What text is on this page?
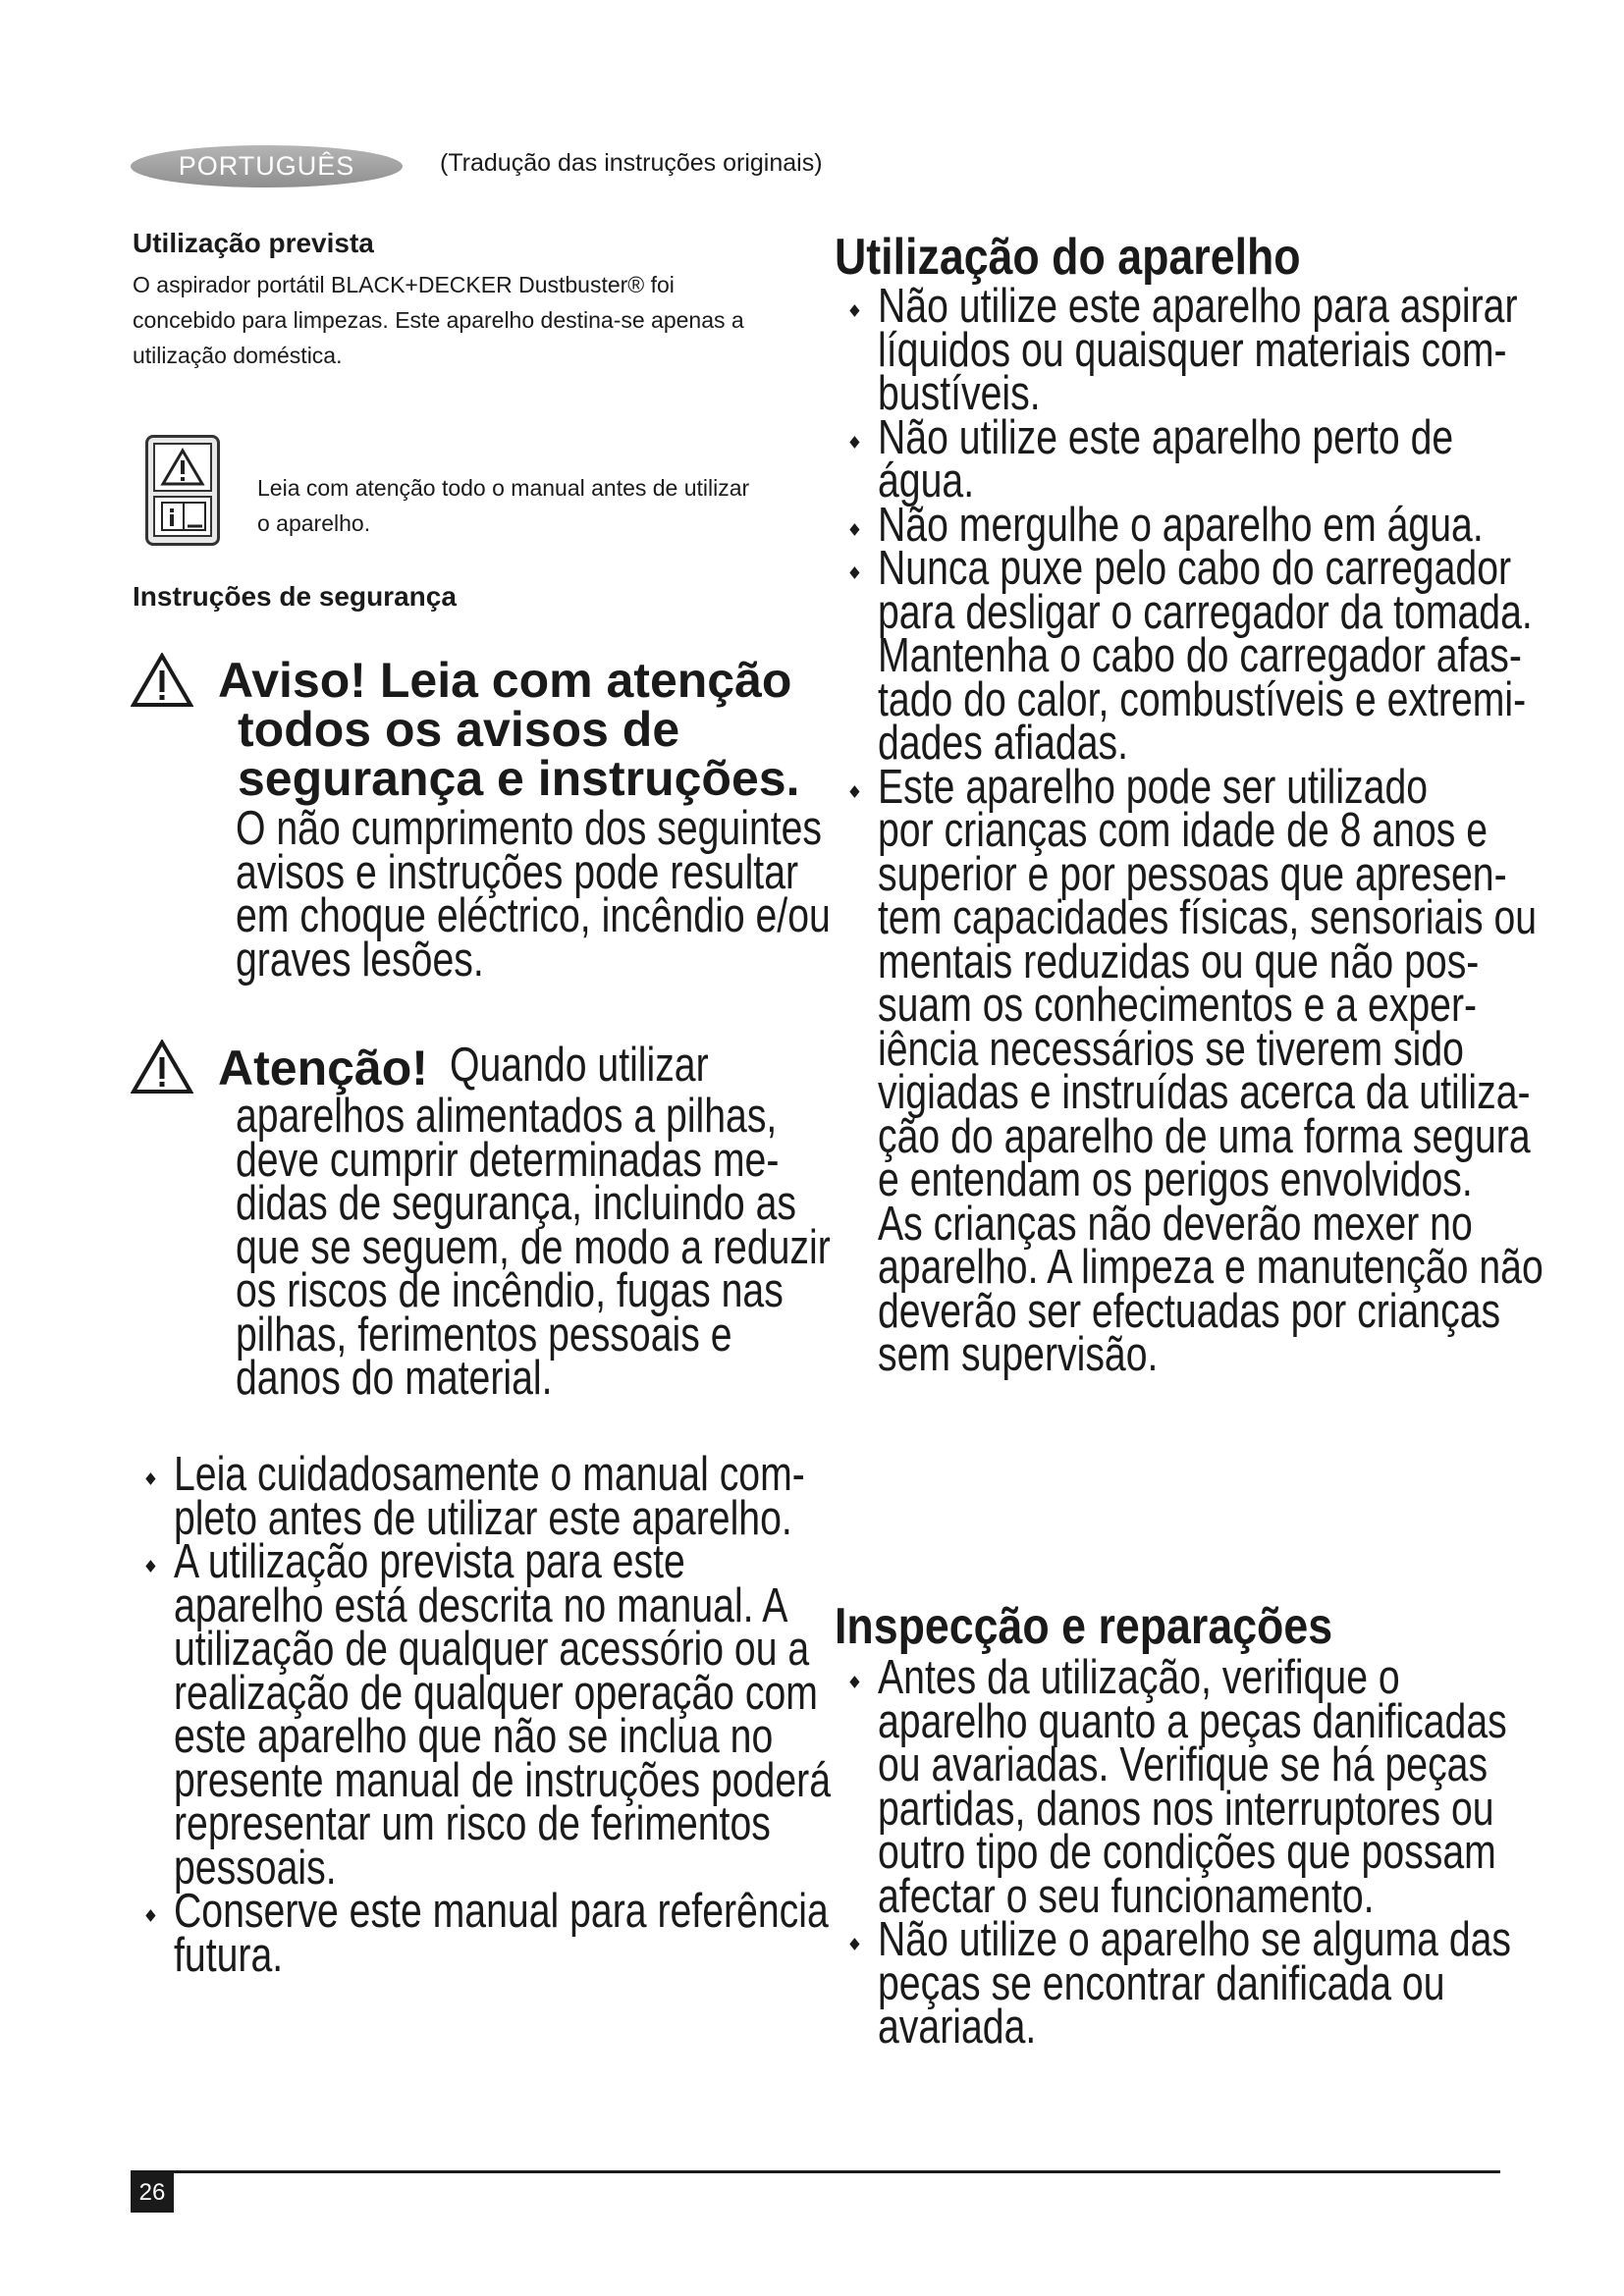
PORTUGUÊS	(Tradução das instruções originais)
Utilização prevista
O aspirador portátil BLACK+DECKER Dustbuster® foi
concebido para limpezas. Este aparelho destina-se apenas a
utilização doméstica.
Leia com atenção todo o manual antes de utilizar
o aparelho.
Instruções de segurança
Aviso! Leia com atenção
todos os avisos de
segurança e instruções.
O não cumprimento dos seguintes
avisos e instruções pode resultar
em choque eléctrico, incêndio e/ou
graves lesões.
Atenção! Quando utilizar
aparelhos alimentados a pilhas,
deve cumprir determinadas me-
didas de segurança, incluindo as
que se seguem, de modo a reduzir
os riscos de incêndio, fugas nas
pilhas, ferimentos pessoais e
danos do material.
Leia cuidadosamente o manual com-
pleto antes de utilizar este aparelho.
A utilização prevista para este
aparelho está descrita no manual. A
utilização de qualquer acessório ou a
realização de qualquer operação com
este aparelho que não se inclua no
presente manual de instruções poderá
representar um risco de ferimentos
pessoais.
Conserve este manual para referência
futura.
Utilização do aparelho
Não utilize este aparelho para aspirar
líquidos ou quaisquer materiais com-
bustíveis.
Não utilize este aparelho perto de
água.
Não mergulhe o aparelho em água.
Nunca puxe pelo cabo do carregador
para desligar o carregador da tomada.
Mantenha o cabo do carregador afas-
tado do calor, combustíveis e extremi-
dades afiadas.
Este aparelho pode ser utilizado
por crianças com idade de 8 anos e
superior e por pessoas que apresen-
tem capacidades físicas, sensoriais ou
mentais reduzidas ou que não pos-
suam os conhecimentos e a exper-
iência necessários se tiverem sido
vigiadas e instruídas acerca da utiliza-
ção do aparelho de uma forma segura
e entendam os perigos envolvidos.
As crianças não deverão mexer no
aparelho. A limpeza e manutenção não
deverão ser efectuadas por crianças
sem supervisão.
Inspecção e reparações
Antes da utilização, verifique o
aparelho quanto a peças danificadas
ou avariadas. Verifique se há peças
partidas, danos nos interruptores ou
outro tipo de condições que possam
afectar o seu funcionamento.
Não utilize o aparelho se alguma das
peças se encontrar danificada ou
avariada.
26
